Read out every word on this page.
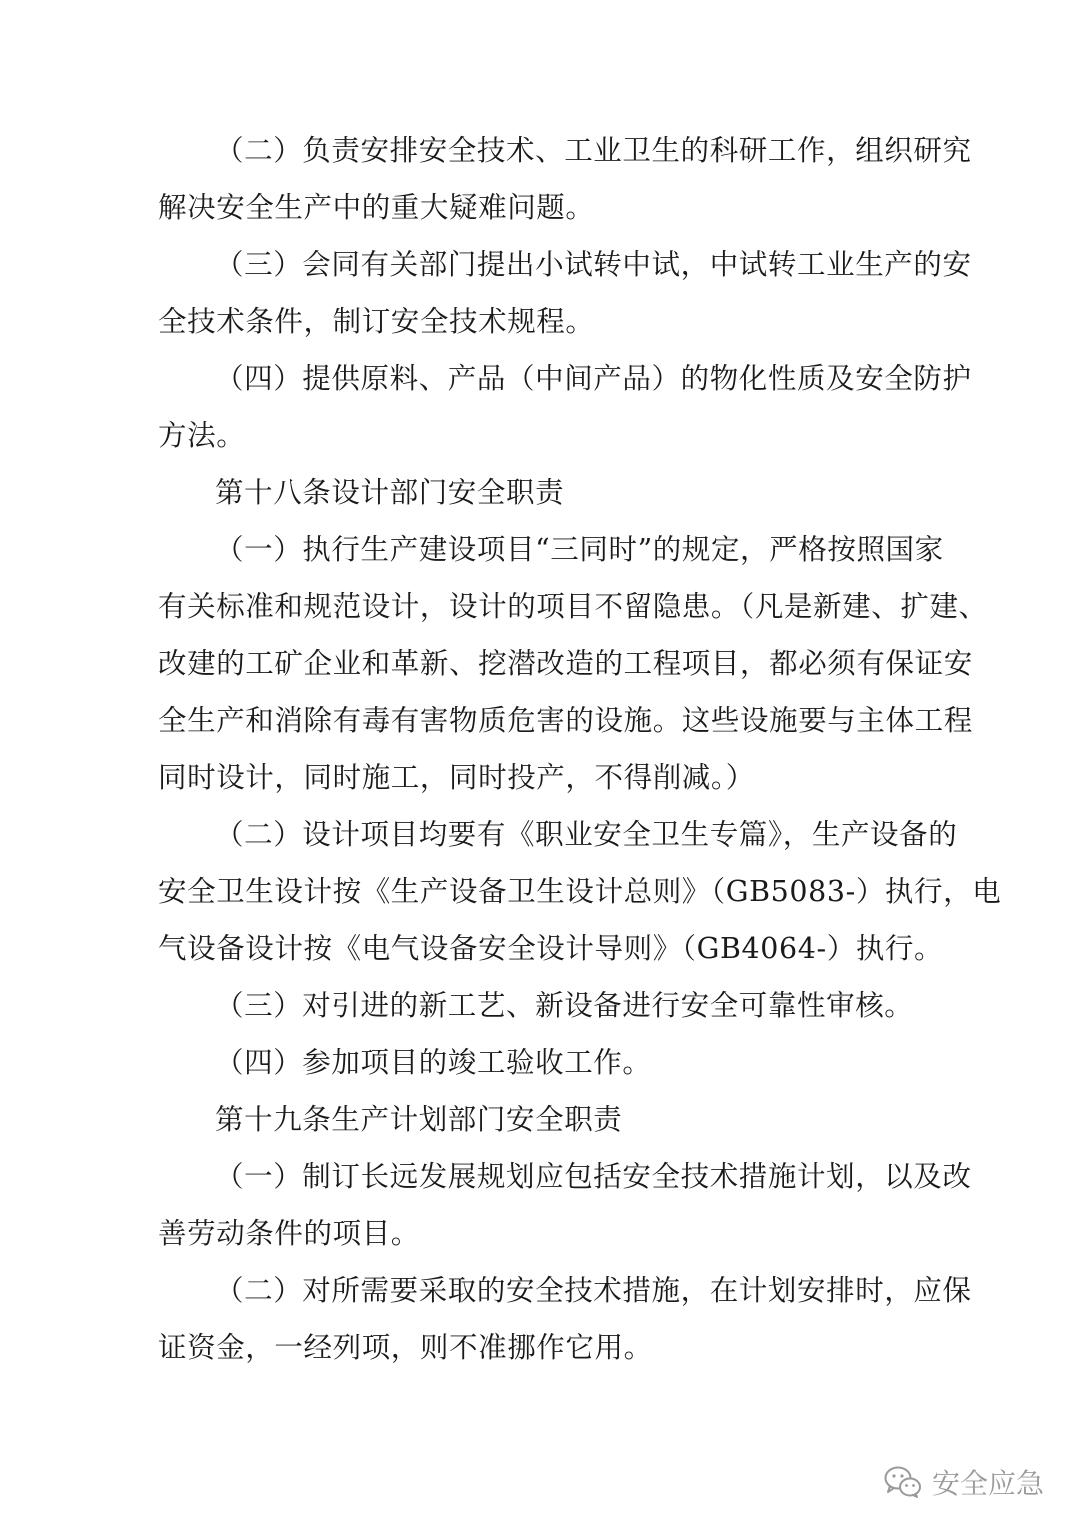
（二）负责安排安全技术、工业卫生的科研工作，组织研究
解决安全生产中的重大疑难问题。
（三）会同有关部门提出小试转中试，中试转工业生产的安
全技术条件，制订安全技术规程。
（四）提供原料、产品（中间产品）的物化性质及安全防护
方法。
第十八条设计部门安全职责
（一）执行生产建设项目“三同时”的规定，严格按照国家
有关标准和规范设计，设计的项目不留隐患。（凡是新建、扩建、
改建的工矿企业和革新、挖潜改造的工程项目，都必须有保证安
全生产和消除有毒有害物质危害的设施。这些设施要与主体工程
同时设计，同时施工，同时投产，不得削减。）
（二）设计项目均要有《职业安全卫生专篇》，生产设备的
安全卫生设计按《生产设备卫生设计总则》（GB5083-）执行，电
气设备设计按《电气设备安全设计导则》（GB4064-）执行。
（三）对引进的新工艺、新设备进行安全可靠性审核。
（四）参加项目的竣工验收工作。
第十九条生产计划部门安全职责
（一）制订长远发展规划应包括安全技术措施计划，以及改
善劳动条件的项目。
（二）对所需要采取的安全技术措施，在计划安排时，应保
证资金，一经列项，则不准挪作它用。
安全应急
